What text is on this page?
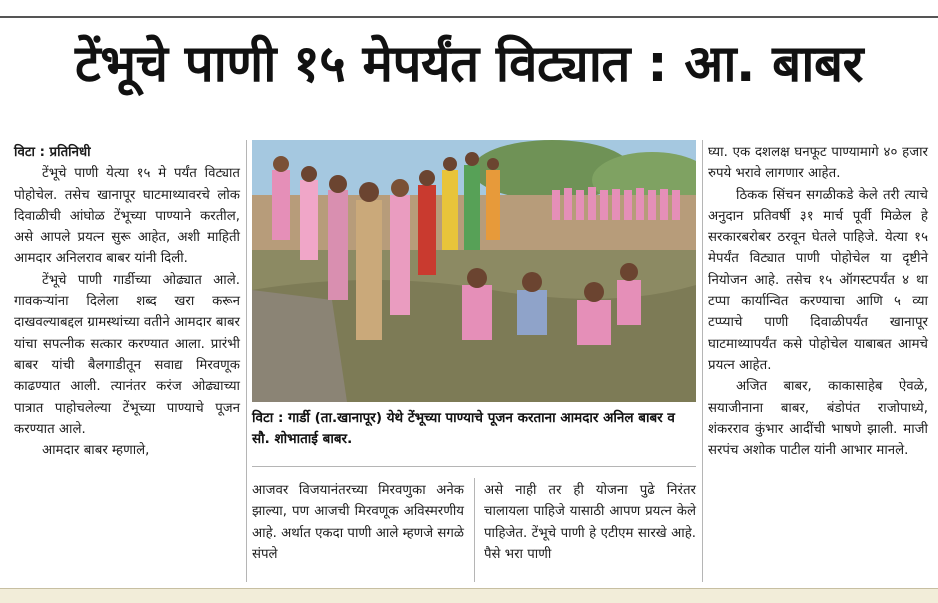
टेंभूचे पाणी १५ मेपर्यंत विट्यात : आ. बाबर

विटा : प्रतिनिधी

टेंभूचे पाणी येत्या १५ मे पर्यंत विट्यात पोहोचेल. तसेच खानापूर घाटमाथ्यावरचे लोक दिवाळीची आंघोळ टेंभूच्या पाण्याने करतील, असे आपले प्रयत्न सुरू आहेत, अशी माहिती आमदार अनिलराव बाबर यांनी दिली.

टेंभूचे पाणी गार्डीच्या ओढ्यात आले. गावकऱ्यांना दिलेला शब्द खरा करून दाखवल्याबद्दल ग्रामस्थांच्या वतीने आमदार बाबर यांचा सपत्नीक सत्कार करण्यात आला. प्रारंभी बाबर यांची बैलगाडीतून सवाद्य मिरवणूक काढण्यात आली. त्यानंतर करंज ओढ्याच्या पात्रात पाहोचलेल्या टेंभूच्या पाण्याचे पूजन करण्यात आले.

आमदार बाबर म्हणाले,

विटा : गार्डी (ता.खानापूर) येथे टेंभूच्या पाण्याचे पूजन करताना आमदार अनिल बाबर व सौ. शोभाताई बाबर.

आजवर विजयानंतरच्या मिरवणुका अनेक झाल्या, पण आजची मिरवणूक अविस्मरणीय आहे. अर्थात एकदा पाणी आले म्हणजे सगळे संपले

असे नाही तर ही योजना पुढे निरंतर चालायला पाहिजे यासाठी आपण प्रयत्न केले पाहिजेत. टेंभूचे पाणी हे एटीएम सारखे आहे. पैसे भरा पाणी

घ्या. एक दशलक्ष घनफूट पाण्यामागे ४० हजार रुपये भरावे लागणार आहेत.

ठिकक सिंचन सगळीकडे केले तरी त्याचे अनुदान प्रतिवर्षी ३१ मार्च पूर्वी मिळेल हे सरकारबरोबर ठरवून घेतले पाहिजे. येत्या १५ मेपर्यंत विट्यात पाणी पोहोचेल या दृष्टीने नियोजन आहे. तसेच १५ ऑगस्टपर्यंत ४ था टप्पा कार्यान्वित करण्याचा आणि ५ व्या टप्प्याचे पाणी दिवाळीपर्यंत खानापूर घाटमाथ्यापर्यंत कसे पोहोचेल याबाबत आमचे प्रयत्न आहेत.

अजित बाबर, काकासाहेब ऐवळे, सयाजीनाना बाबर, बंडोपंत राजोपाध्ये, शंकरराव कुंभार आदींची भाषणे झाली. माजी सरपंच अशोक पाटील यांनी आभार मानले.
